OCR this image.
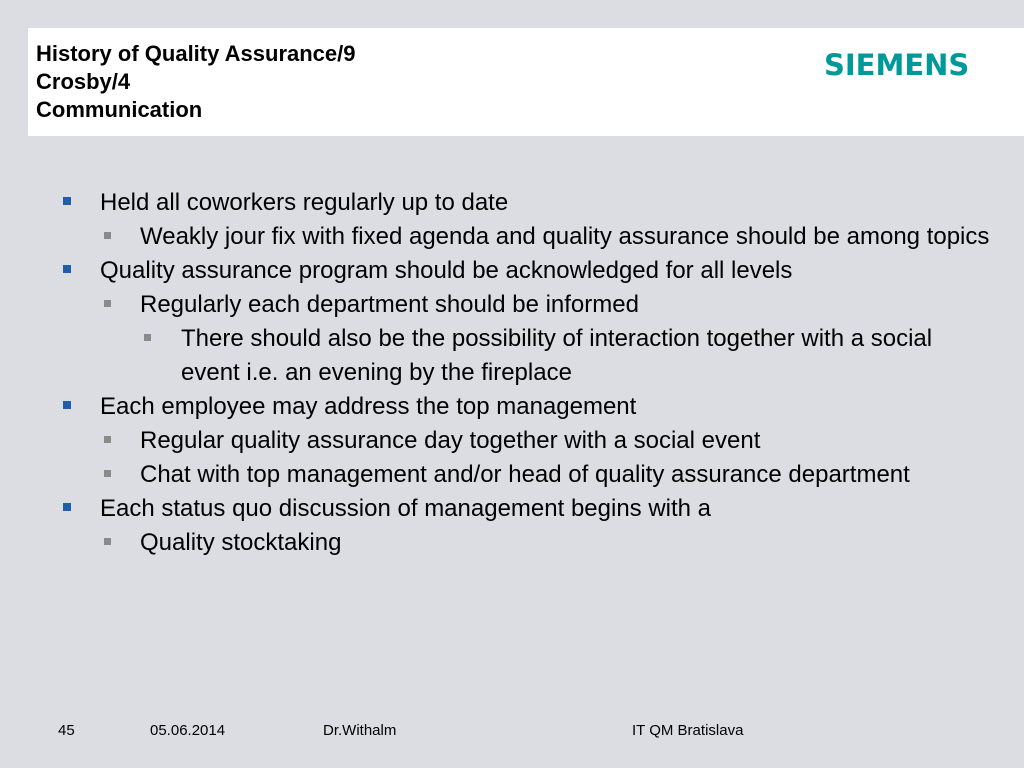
History of Quality Assurance/9
Crosby/4
Communication
SIEMENS
Held all coworkers regularly up to date
Weakly jour fix with fixed agenda and quality assurance should be among topics
Quality assurance program should be acknowledged for all levels
Regularly each department should be informed
There should also be the possibility of interaction together with a social event i.e. an evening by the fireplace
Each employee may address the top management
Regular quality assurance day together with a social event
Chat with top management and/or head of quality assurance department
Each status quo discussion of management begins with a
Quality stocktaking
45	05.06.2014	Dr.Withalm	IT QM Bratislava
